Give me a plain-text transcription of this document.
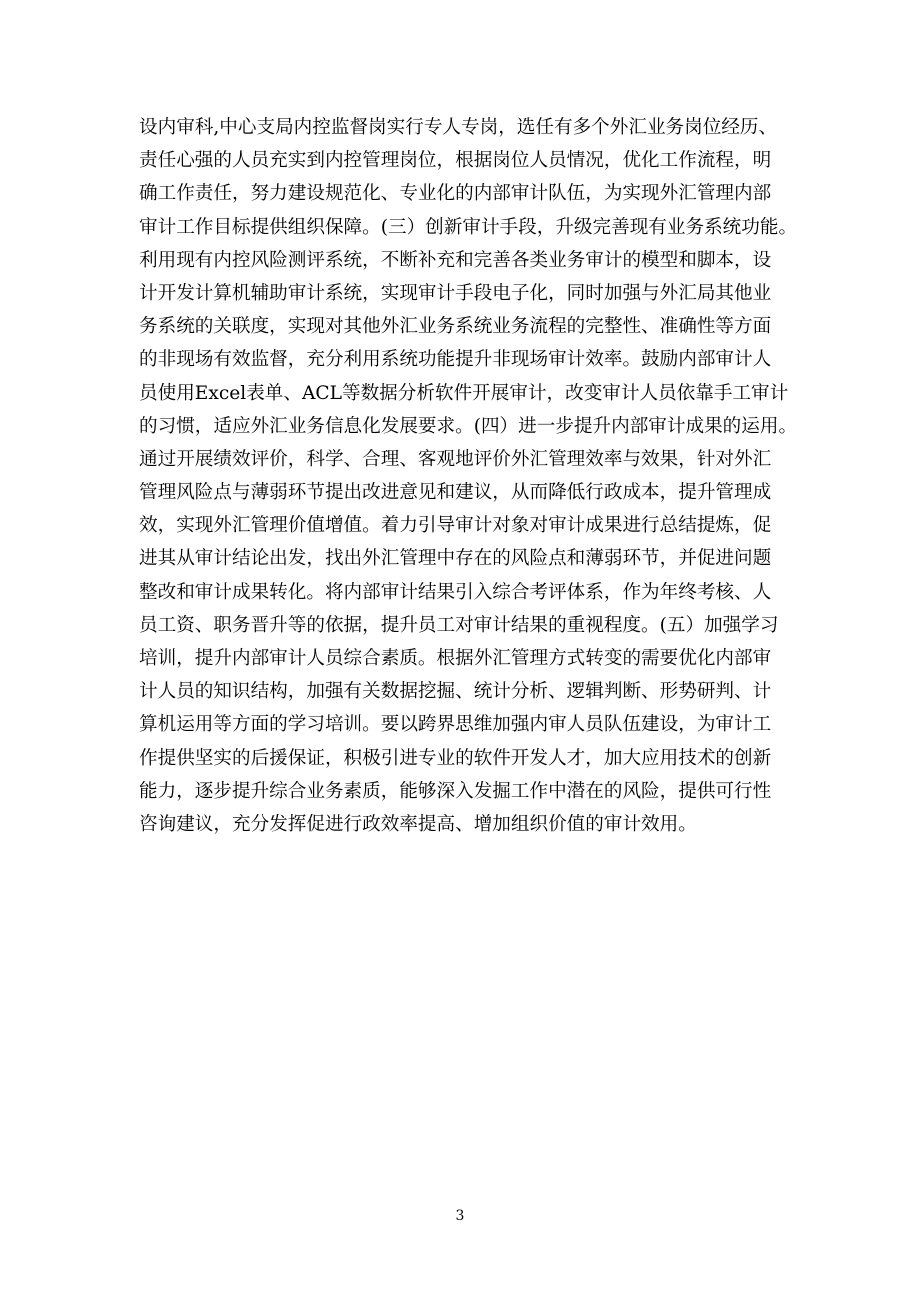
设内审科,中心支局内控监督岗实行专人专岗，选任有多个外汇业务岗位经历、
责任心强的人员充实到内控管理岗位，根据岗位人员情况，优化工作流程，明
确工作责任，努力建设规范化、专业化的内部审计队伍，为实现外汇管理内部
审计工作目标提供组织保障。(三）创新审计手段，升级完善现有业务系统功能。
利用现有内控风险测评系统，不断补充和完善各类业务审计的模型和脚本，设
计开发计算机辅助审计系统，实现审计手段电子化，同时加强与外汇局其他业
务系统的关联度，实现对其他外汇业务系统业务流程的完整性、准确性等方面
的非现场有效监督，充分利用系统功能提升非现场审计效率。鼓励内部审计人
员使用Excel表单、ACL等数据分析软件开展审计，改变审计人员依靠手工审计
的习惯，适应外汇业务信息化发展要求。(四）进一步提升内部审计成果的运用。
通过开展绩效评价，科学、合理、客观地评价外汇管理效率与效果，针对外汇
管理风险点与薄弱环节提出改进意见和建议，从而降低行政成本，提升管理成
效，实现外汇管理价值增值。着力引导审计对象对审计成果进行总结提炼，促
进其从审计结论出发，找出外汇管理中存在的风险点和薄弱环节，并促进问题
整改和审计成果转化。将内部审计结果引入综合考评体系，作为年终考核、人
员工资、职务晋升等的依据，提升员工对审计结果的重视程度。(五）加强学习
培训，提升内部审计人员综合素质。根据外汇管理方式转变的需要优化内部审
计人员的知识结构，加强有关数据挖掘、统计分析、逻辑判断、形势研判、计
算机运用等方面的学习培训。要以跨界思维加强内审人员队伍建设，为审计工
作提供坚实的后援保证，积极引进专业的软件开发人才，加大应用技术的创新
能力，逐步提升综合业务素质，能够深入发掘工作中潜在的风险，提供可行性
咨询建议，充分发挥促进行政效率提高、增加组织价值的审计效用。
3
